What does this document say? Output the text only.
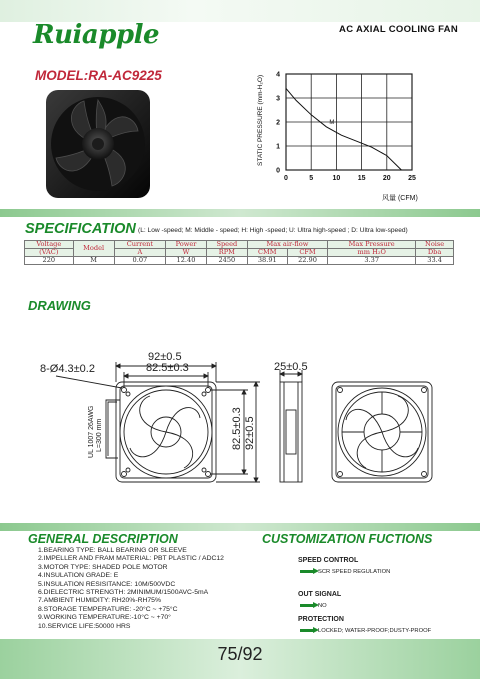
Ruiapple	AC AXIAL COOLING FAN
MODEL:RA-AC9225
0	5	10 15 20 25
0
1
2
3
4
M
STATIC PRESSURE (mm-H₂O)
风量 (CFM)
SPECIFICATION (L: Low -speed; M: Middle - speed; H: High -speed; U: Ultra high-speed ; D: Ultra low-speed)
Voltage	Model	Current	Power	Speed	Max air-flow		Max Pressure	Noise
(VAC)		A	W	RPM	CMM	CFM	mm H₂O	Dba
220	M	0.07	12.40	2450	38.91	22.90	3.37	33.4
DRAWING
92±0.5
82.5±0.3
8-Ø4.3±0.2	25±0.5
82.5±0.3 92±0.5
UL 1007 26AWG L=300 mm
GENERAL DESCRIPTION
1.BEARING TYPE: BALL BEARING OR SLEEVE
2.IMPELLER AND FRAM MATERIAL: PBT PLASTIC / ADC12
3.MOTOR TYPE: SHADED POLE MOTOR
4.INSULATION GRADE: E
5.INSULATION RESISITANCE: 10M/500VDC
6.DIELECTRIC STRENGTH: 2MINIMUM/1500AVC-5mA
7.AMBIENT HUMIDITY: RH20%-RH75%
8.STORAGE TEMPERATURE: -20°C ~ +75°C
9.WORKING TEMPERATURE:-10°C ~ +70°
10.SERVICE LIFE:50000 HRS
CUSTOMIZATION FUCTIONS
SPEED CONTROL
SCR SPEED REGULATION
OUT SIGNAL
NO
PROTECTION
LOCKED; WATER-PROOF;DUSTY-PROOF
75/92
